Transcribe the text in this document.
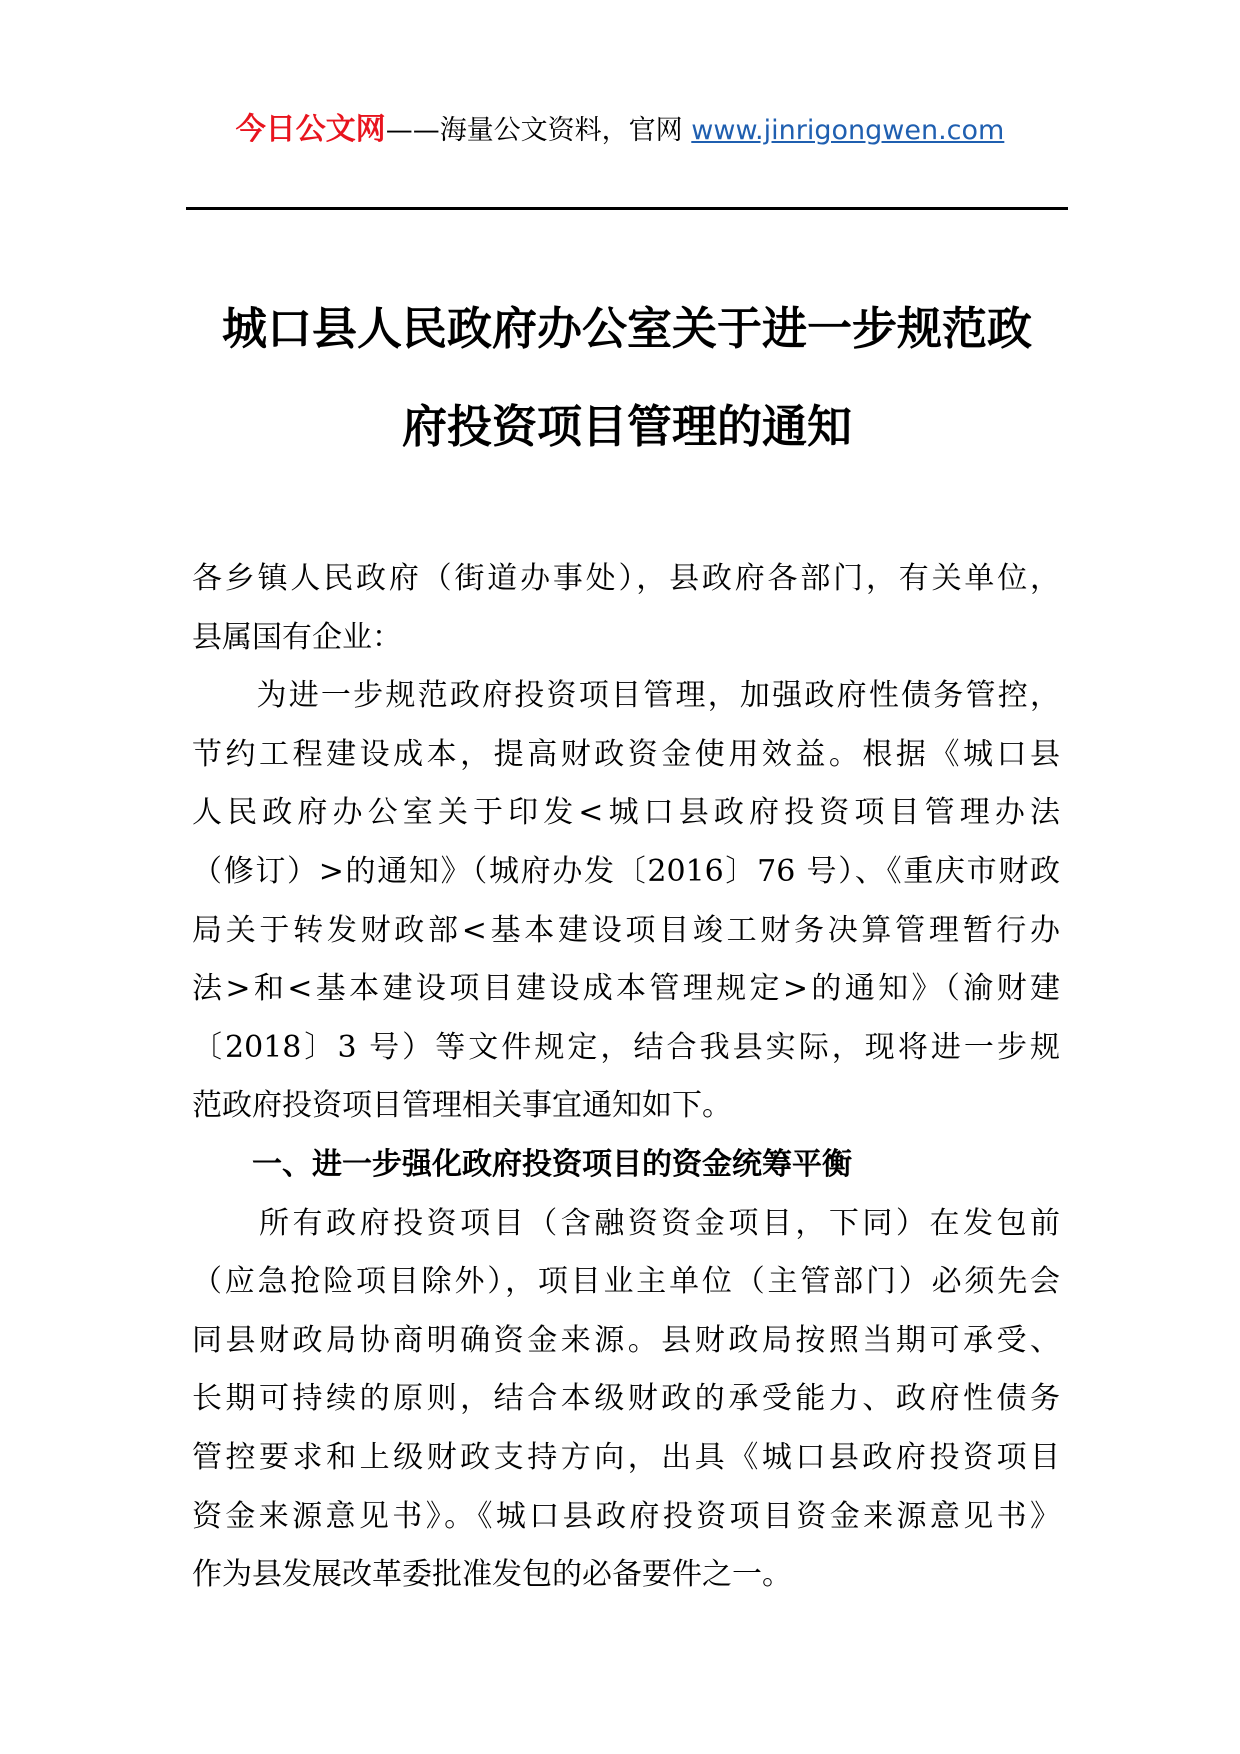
今日公文网——海量公文资料，官网 www.jinrigongwen.com
城口县人民政府办公室关于进一步规范政
府投资项目管理的通知
各乡镇人民政府（街道办事处），县政府各部门，有关单位，
县属国有企业：
　　为进一步规范政府投资项目管理，加强政府性债务管控，
节约工程建设成本，提高财政资金使用效益。根据《城口县
人民政府办公室关于印发<城口县政府投资项目管理办法
（修订）>的通知》（城府办发〔2016〕76 号）、《重庆市财政
局关于转发财政部<基本建设项目竣工财务决算管理暂行办
法>和<基本建设项目建设成本管理规定>的通知》（渝财建
〔2018〕3 号）等文件规定，结合我县实际，现将进一步规
范政府投资项目管理相关事宜通知如下。
　　一、进一步强化政府投资项目的资金统筹平衡
　　所有政府投资项目（含融资资金项目，下同）在发包前
（应急抢险项目除外），项目业主单位（主管部门）必须先会
同县财政局协商明确资金来源。县财政局按照当期可承受、
长期可持续的原则，结合本级财政的承受能力、政府性债务
管控要求和上级财政支持方向，出具《城口县政府投资项目
资金来源意见书》。《城口县政府投资项目资金来源意见书》
作为县发展改革委批准发包的必备要件之一。
